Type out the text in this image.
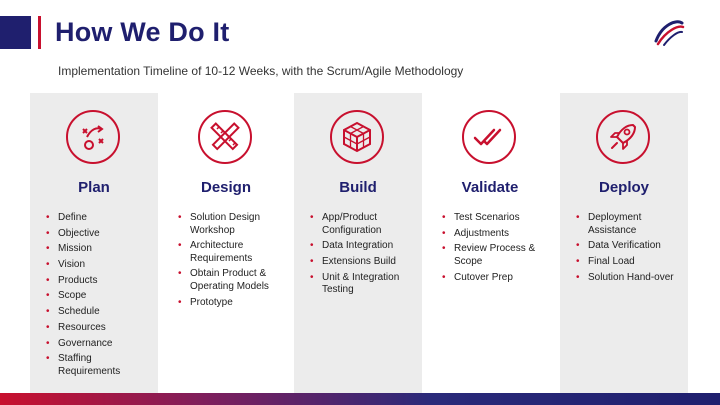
How We Do It
Implementation Timeline of 10-12 Weeks, with the Scrum/Agile Methodology
Plan
• Define
• Objective
• Mission
• Vision
• Products
• Scope
• Schedule
• Resources
• Governance
• Staffing Requirements
Design
• Solution Design Workshop
• Architecture Requirements
• Obtain Product & Operating Models
• Prototype
Build
• App/Product Configuration
• Data Integration
• Extensions Build
• Unit & Integration Testing
Validate
• Test Scenarios
• Adjustments
• Review Process & Scope
• Cutover Prep
Deploy
• Deployment Assistance
• Data Verification
• Final Load
• Solution Hand-over
